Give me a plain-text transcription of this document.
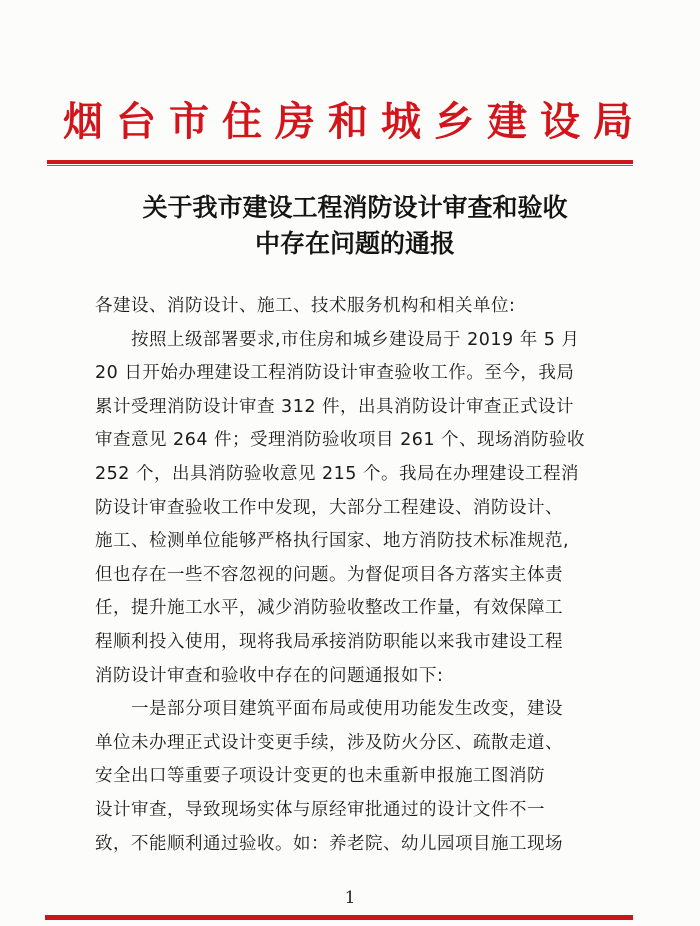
烟 台 市 住 房 和 城 乡 建 设 局
关于我市建设工程消防设计审查和验收
中存在问题的通报
各建设、消防设计、施工、技术服务机构和相关单位:
按照上级部署要求,市住房和城乡建设局于 2019 年 5 月
20 日开始办理建设工程消防设计审查验收工作。至今，我局
累计受理消防设计审查 312 件，出具消防设计审查正式设计
审查意见 264 件；受理消防验收项目 261 个、现场消防验收
252 个，出具消防验收意见 215 个。我局在办理建设工程消
防设计审查验收工作中发现，大部分工程建设、消防设计、
施工、检测单位能够严格执行国家、地方消防技术标准规范,
但也存在一些不容忽视的问题。为督促项目各方落实主体责
任，提升施工水平，减少消防验收整改工作量，有效保障工
程顺利投入使用，现将我局承接消防职能以来我市建设工程
消防设计审查和验收中存在的问题通报如下:
一是部分项目建筑平面布局或使用功能发生改变，建设
单位未办理正式设计变更手续，涉及防火分区、疏散走道、
安全出口等重要子项设计变更的也未重新申报施工图消防
设计审查，导致现场实体与原经审批通过的设计文件不一
致，不能顺利通过验收。如：养老院、幼儿园项目施工现场
1
